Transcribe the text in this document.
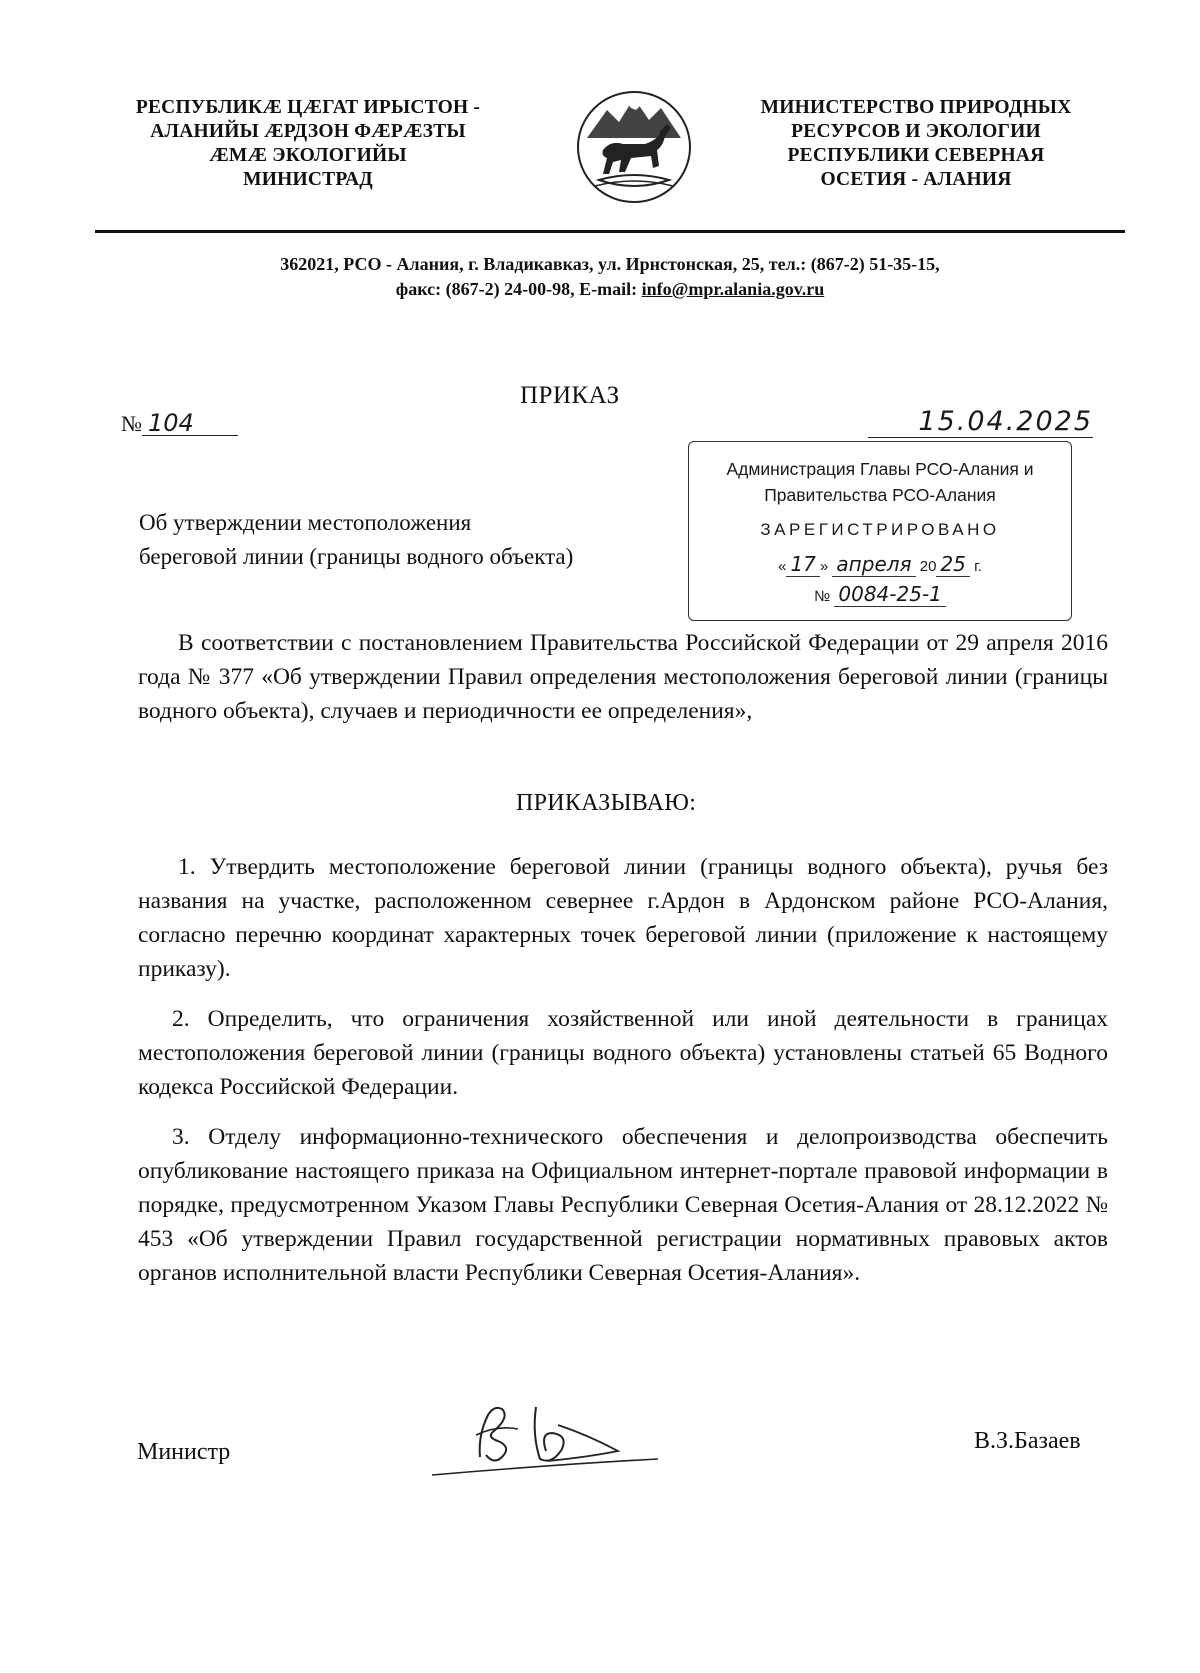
РЕСПУБЛИКÆ ЦÆГАТ ИРЫСТОН -
АЛАНИЙЫ ÆРДЗОН ФÆРÆЗТЫ
ÆМÆ ЭКОЛОГИЙЫ
МИНИСТРАД
МИНИСТЕРСТВО ПРИРОДНЫХ
РЕСУРСОВ И ЭКОЛОГИИ
РЕСПУБЛИКИ СЕВЕРНАЯ
ОСЕТИЯ - АЛАНИЯ
362021, РСО - Алания, г. Владикавказ, ул. Ирнстонская, 25, тел.: (867-2) 51-35-15,
факс: (867-2) 24-00-98, E-mail: info@mpr.alania.gov.ru
ПРИКАЗ
№ 104	15.04.2025
Администрация Главы РСО-Алания и
Правительства РСО-Алания
ЗАРЕГИСТРИРОВАНО
« 17 » апреля 20 25 г.
№ 0084-25-1
Об утверждении местоположения
береговой линии (границы водного объекта)
В соответствии с постановлением Правительства Российской Федерации от 29 апреля 2016 года № 377 «Об утверждении Правил определения местоположения береговой линии (границы водного объекта), случаев и периодичности ее определения»,
ПРИКАЗЫВАЮ:
1. Утвердить местоположение береговой линии (границы водного объекта), ручья без названия на участке, расположенном севернее г.Ардон в Ардонском районе РСО-Алания, согласно перечню координат характерных точек береговой линии (приложение к настоящему приказу).
2. Определить, что ограничения хозяйственной или иной деятельности в границах местоположения береговой линии (границы водного объекта) установлены статьей 65 Водного кодекса Российской Федерации.
3. Отделу информационно-технического обеспечения и делопроизводства обеспечить опубликование настоящего приказа на Официальном интернет-портале правовой информации в порядке, предусмотренном Указом Главы Республики Северная Осетия-Алания от 28.12.2022 № 453 «Об утверждении Правил государственной регистрации нормативных правовых актов органов исполнительной власти Республики Северная Осетия-Алания».
Министр	В.З.Базаев
